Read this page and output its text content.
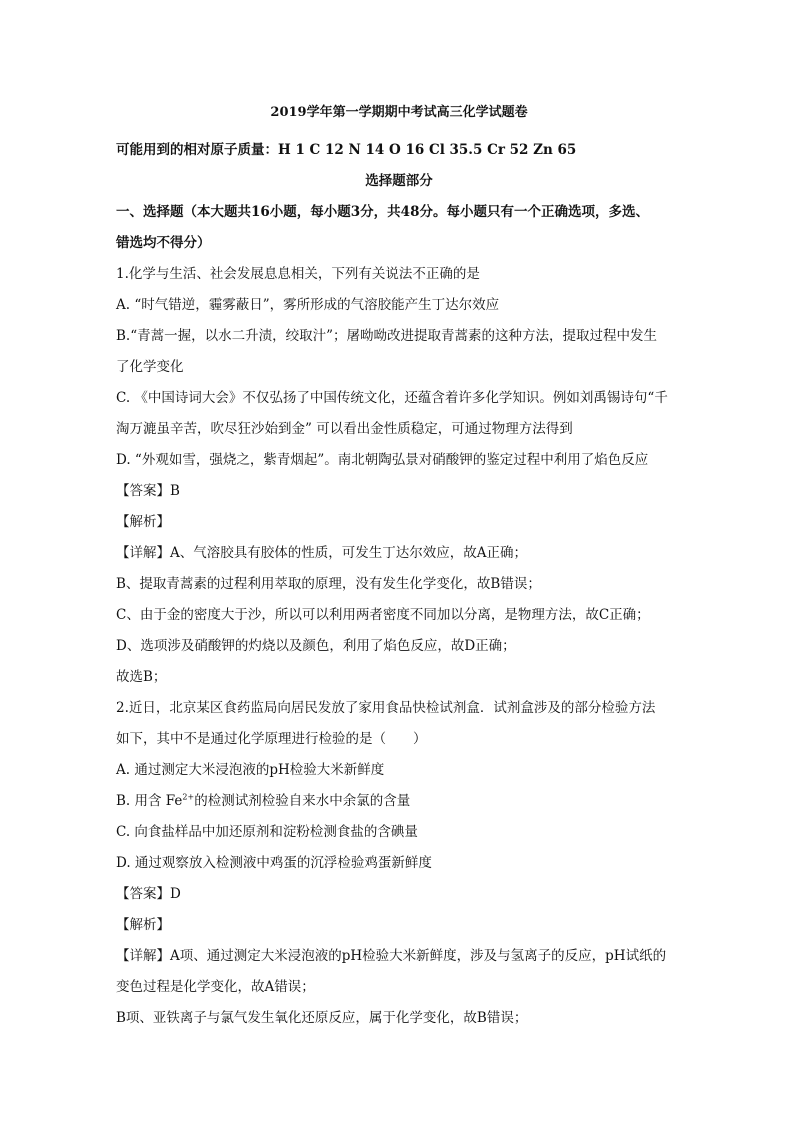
2019学年第一学期期中考试高三化学试题卷

可能用到的相对原子质量：H 1 C 12 N 14 O 16 Cl 35.5 Cr 52 Zn 65

选择题部分

一、选择题（本大题共16小题，每小题3分，共48分。每小题只有一个正确选项，多选、

错选均不得分）

1.化学与生活、社会发展息息相关，下列有关说法不正确的是

A. “时气错逆，霾雾蔽日”，雾所形成的气溶胶能产生丁达尔效应

B.“青蒿一握，以水二升渍，绞取汁”；屠呦呦改进提取青蒿素的这种方法，提取过程中发生

了化学变化

C. 《中国诗词大会》不仅弘扬了中国传统文化，还蕴含着许多化学知识。例如刘禹锡诗句“千

淘万漉虽辛苦，吹尽狂沙始到金” 可以看出金性质稳定，可通过物理方法得到

D. “外观如雪，强烧之，紫青烟起”。南北朝陶弘景对硝酸钾的鉴定过程中利用了焰色反应

【答案】B

【解析】

【详解】A、气溶胶具有胶体的性质，可发生丁达尔效应，故A正确；

B、提取青蒿素的过程利用萃取的原理，没有发生化学变化，故B错误；

C、由于金的密度大于沙，所以可以利用两者密度不同加以分离，是物理方法，故C正确；

D、选项涉及硝酸钾的灼烧以及颜色，利用了焰色反应，故D正确；

故选B；

2.近日，北京某区食药监局向居民发放了家用食品快检试剂盒．试剂盒涉及的部分检验方法

如下，其中不是通过化学原理进行检验的是（　　）

A. 通过测定大米浸泡液的pH检验大米新鲜度

B. 用含 $Fe^{2+}$的检测试剂检验自来水中余氯的含量

C. 向食盐样品中加还原剂和淀粉检测食盐的含碘量

D. 通过观察放入检测液中鸡蛋的沉浮检验鸡蛋新鲜度

【答案】D

【解析】

【详解】A项、通过测定大米浸泡液的pH检验大米新鲜度，涉及与氢离子的反应，pH试纸的

变色过程是化学变化，故A错误；

B项、亚铁离子与氯气发生氧化还原反应，属于化学变化，故B错误；
